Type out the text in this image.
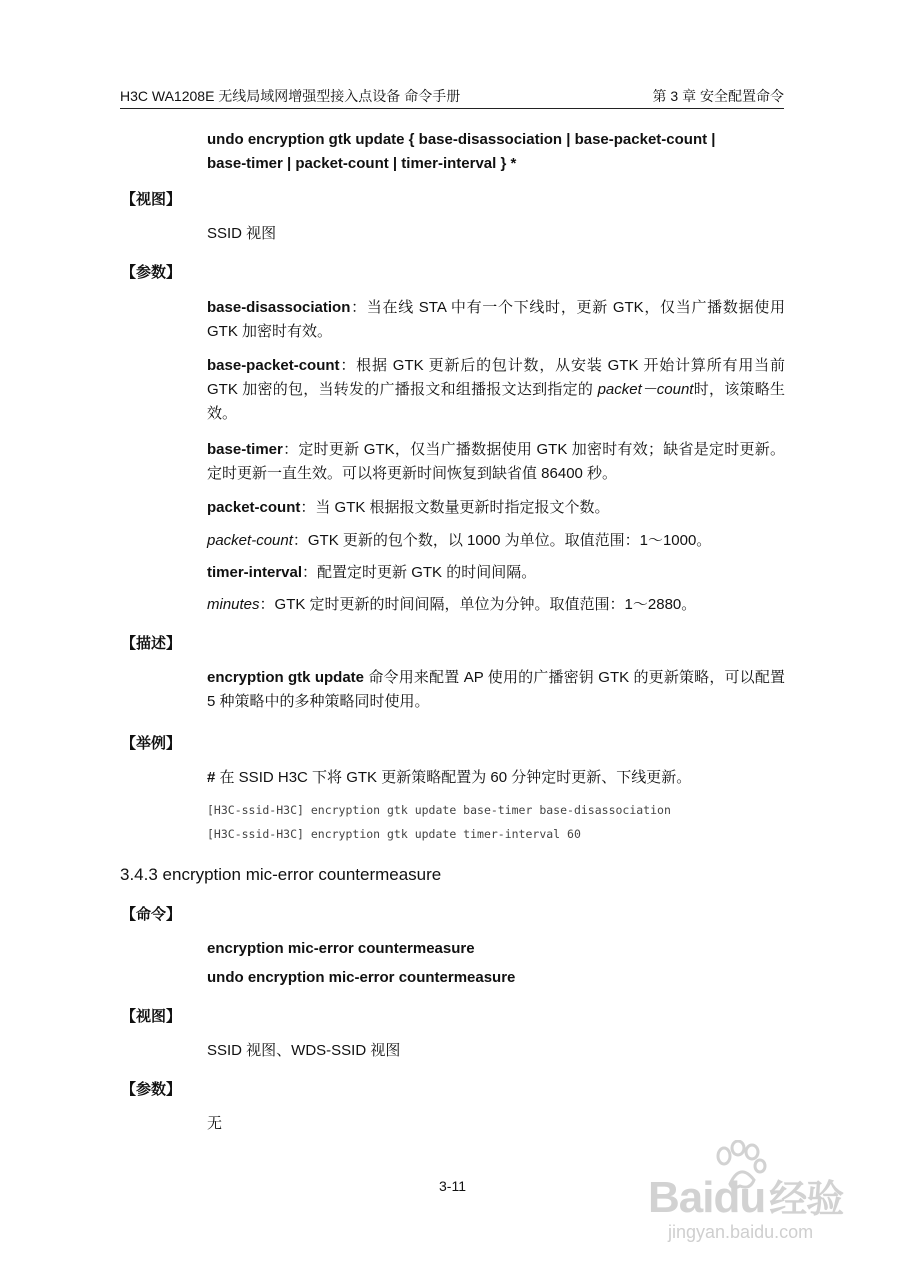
H3C WA1208E 无线局域网增强型接入点设备 命令手册	第 3 章 安全配置命令
undo encryption gtk update { base-disassociation | base-packet-count |
base-timer | packet-count | timer-interval } *
【视图】
SSID 视图
【参数】
base-disassociation：当在线 STA 中有一个下线时，更新 GTK，仅当广播数据使用 GTK 加密时有效。
base-packet-count：根据 GTK 更新后的包计数，从安装 GTK 开始计算所有用当前 GTK 加密的包，当转发的广播报文和组播报文达到指定的 packet－count时，该策略生效。
base-timer：定时更新 GTK，仅当广播数据使用 GTK 加密时有效；缺省是定时更新。定时更新一直生效。可以将更新时间恢复到缺省值 86400 秒。
packet-count：当 GTK 根据报文数量更新时指定报文个数。
packet-count：GTK 更新的包个数，以 1000 为单位。取值范围：1～1000。
timer-interval：配置定时更新 GTK 的时间间隔。
minutes：GTK 定时更新的时间间隔，单位为分钟。取值范围：1～2880。
【描述】
encryption gtk update 命令用来配置 AP 使用的广播密钥 GTK 的更新策略，可以配置 5 种策略中的多种策略同时使用。
【举例】
# 在 SSID H3C 下将 GTK 更新策略配置为 60 分钟定时更新、下线更新。
[H3C-ssid-H3C] encryption gtk update base-timer base-disassociation
[H3C-ssid-H3C] encryption gtk update timer-interval 60
3.4.3 encryption mic-error countermeasure
【命令】
encryption mic-error countermeasure
undo encryption mic-error countermeasure
【视图】
SSID 视图、WDS-SSID 视图
【参数】
无
3-11	Baidu 经验
jingyan.baidu.com
